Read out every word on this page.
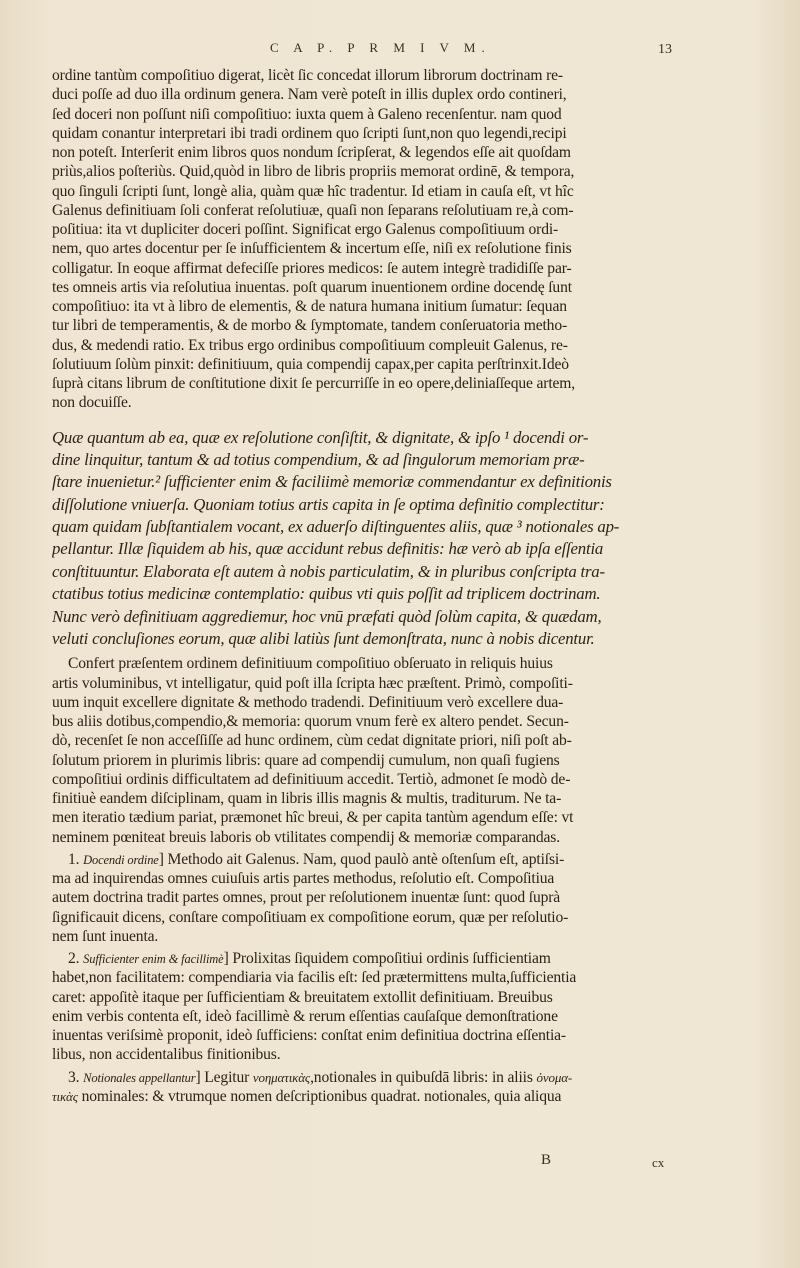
C A P. P R M I V M.	13

ordine tantùm compoſitiuo digerat, licèt ſic concedat illorum librorum doctrinam re-

duci poſſe ad duo illa ordinum genera. Nam verè poteſt in illis duplex ordo contineri,

ſed doceri non poſſunt niſi compoſitiuo: iuxta quem à Galeno recenſentur. nam quod

quidam conantur interpretari ibi tradi ordinem quo ſcripti ſunt,non quo legendi,recipi

non poteſt. Interſerit enim libros quos nondum ſcripſerat, & legendos eſſe ait quoſdam

priùs,alios poſteriùs. Quid,quòd in libro de libris propriis memorat ordinē, & tempora,

quo ſinguli ſcripti ſunt, longè alia, quàm quæ hîc tradentur. Id etiam in cauſa eſt, vt hîc

Galenus definitiuam ſoli conferat reſolutiuæ, quaſi non ſeparans reſolutiuam re,à com-

poſitiua: ita vt dupliciter doceri poſſint. Significat ergo Galenus compoſitiuum ordi-

nem, quo artes docentur per ſe inſufficientem & incertum eſſe, niſi ex reſolutione finis

colligatur. In eoque affirmat defeciſſe priores medicos: ſe autem integrè tradidiſſe par-

tes omneis artis via reſolutiua inuentas. poſt quarum inuentionem ordine docendę ſunt

compoſitiuo: ita vt à libro de elementis, & de natura humana initium ſumatur: ſequan

tur libri de temperamentis, & de morbo & ſymptomate, tandem conſeruatoria metho-

dus, & medendi ratio. Ex tribus ergo ordinibus compoſitiuum compleuit Galenus, re-

ſolutiuum ſolùm pinxit: definitiuum, quia compendij capax,per capita perſtrinxit.Ideò

ſuprà citans librum de conſtitutione dixit ſe percurriſſe in eo opere,deliniaſſeque artem,

non docuiſſe.

Quæ quantum ab ea, quæ ex reſolutione conſiſtit, & dignitate, & ipſo ¹ docendi or-

dine linquitur, tantum & ad totius compendium, & ad ſingulorum memoriam præ-

ſtare inuenietur.² ſufficienter enim & faciliimè memoriæ commendantur ex definitionis

diſſolutione vniuerſa. Quoniam totius artis capita in ſe optima definitio complectitur:

quam quidam ſubſtantialem vocant, ex aduerſo diſtinguentes aliis, quæ ³ notionales ap-

pellantur. Illæ ſiquidem ab his, quæ accidunt rebus definitis: hæ verò ab ipſa eſſentia

conſtituuntur. Elaborata eſt autem à nobis particulatim, & in pluribus conſcripta tra-

ctatibus totius medicinæ contemplatio: quibus vti quis poſſit ad triplicem doctrinam.

Nunc verò definitiuam aggrediemur, hoc vnū præfati quòd ſolùm capita, & quædam,

veluti concluſiones eorum, quæ alibi latiùs ſunt demonſtrata, nunc à nobis dicentur.

Confert præſentem ordinem definitiuum compoſitiuo obſeruato in reliquis huius

artis voluminibus, vt intelligatur, quid poſt illa ſcripta hæc præſtent. Primò, compoſiti-

uum inquit excellere dignitate & methodo tradendi. Definitiuum verò excellere dua-

bus aliis dotibus,compendio,& memoria: quorum vnum ferè ex altero pendet. Secun-

dò, recenſet ſe non acceſſiſſe ad hunc ordinem, cùm cedat dignitate priori, niſi poſt ab-

ſolutum priorem in plurimis libris: quare ad compendij cumulum, non quaſi fugiens

compoſitiui ordinis difficultatem ad definitiuum accedit. Tertiò, admonet ſe modò de-

finitiuè eandem diſciplinam, quam in libris illis magnis & multis, traditurum. Ne ta-

men iteratio tædium pariat, præmonet hîc breui, & per capita tantùm agendum eſſe: vt

neminem pœniteat breuis laboris ob vtilitates compendij & memoriæ comparandas.

1. Docendi ordine] Methodo ait Galenus. Nam, quod paulò antè oſtenſum eſt, aptiſsi-

ma ad inquirendas omnes cuiuſuis artis partes methodus, reſolutio eſt. Compoſitiua

autem doctrina tradit partes omnes, prout per reſolutionem inuentæ ſunt: quod ſuprà

ſignificauit dicens, conſtare compoſitiuam ex compoſitione eorum, quæ per reſolutio-

nem ſunt inuenta.

2. Sufficienter enim & facillimè] Prolixitas ſiquidem compoſitiui ordinis ſufficientiam

habet,non facilitatem: compendiaria via facilis eſt: ſed prætermittens multa,ſufficientia

caret: appoſitè itaque per ſufficientiam & breuitatem extollit definitiuam. Breuibus

enim verbis contenta eſt, ideò facillimè & rerum eſſentias cauſaſque demonſtratione

inuentas veriſsimè proponit, ideò ſufficiens: conſtat enim definitiua doctrina eſſentia-

libus, non accidentalibus finitionibus.

3. Notionales appellantur] Legitur νοηματικὰς,notionales in quibuſdā libris: in aliis ὀνομα-

τικὰς nominales: & vtrumque nomen deſcriptionibus quadrat. notionales, quia aliqua

B	cx
